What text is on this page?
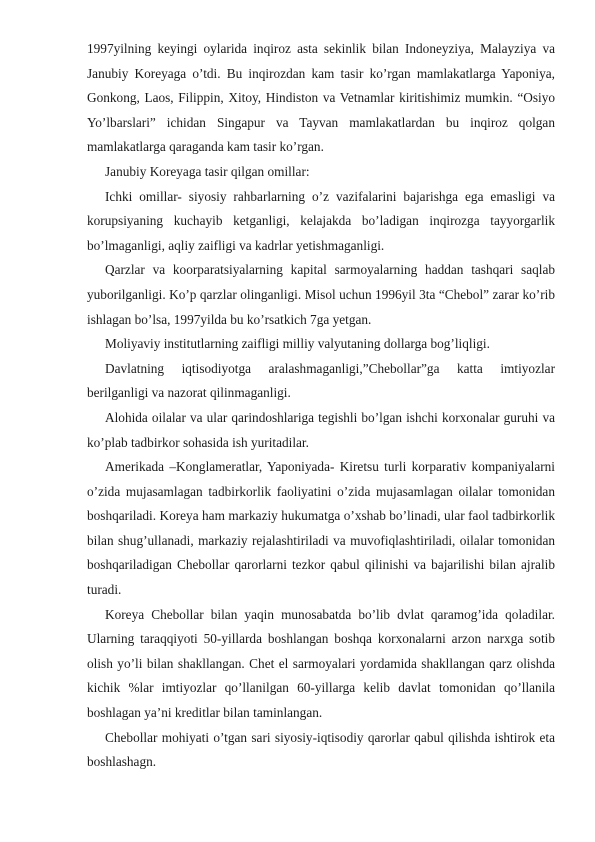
1997yilning keyingi oylarida inqiroz asta sekinlik bilan Indoneyziya, Malayziya va Janubiy Koreyaga o’tdi. Bu inqirozdan kam tasir ko’rgan mamlakatlarga Yaponiya, Gonkong, Laos, Filippin, Xitoy, Hindiston va Vetnamlar kiritishimiz mumkin. “Osiyo Yo’lbarslari” ichidan Singapur va Tayvan mamlakatlardan bu inqiroz qolgan mamlakatlarga qaraganda kam tasir ko’rgan.

Janubiy Koreyaga tasir qilgan omillar:

Ichki omillar- siyosiy rahbarlarning o’z vazifalarini bajarishga ega emasligi va korupsiyaning kuchayib ketganligi, kelajakda bo’ladigan inqirozga tayyorgarlik bo’lmaganligi, aqliy zaifligi va kadrlar yetishmaganligi.

Qarzlar va koorparatsiyalarning kapital sarmoyalarning haddan tashqari saqlab yuborilganligi. Ko’p qarzlar olinganligi. Misol uchun 1996yil 3ta “Chebol” zarar ko’rib ishlagan bo’lsa, 1997yilda bu ko’rsatkich 7ga yetgan.

Moliyaviy institutlarning zaifligi milliy valyutaning dollarga bog’liqligi.

Davlatning iqtisodiyotga aralashmaganligi,”Chebollar”ga katta imtiyozlar berilganligi va nazorat qilinmaganligi.

Alohida oilalar va ular qarindoshlariga tegishli bo’lgan ishchi korxonalar guruhi va ko’plab tadbirkor sohasida ish yuritadilar.

Amerikada –Konglameratlar, Yaponiyada- Kiretsu turli korparativ kompaniyalarni o’zida mujasamlagan tadbirkorlik faoliyatini o’zida mujasamlagan oilalar tomonidan boshqariladi. Koreya ham markaziy hukumatga o’xshab bo’linadi, ular faol tadbirkorlik bilan shug’ullanadi, markaziy rejalashtiriladi va muvofiqlashtiriladi, oilalar tomonidan boshqariladigan Chebollar qarorlarni tezkor qabul qilinishi va bajarilishi bilan ajralib turadi.

Koreya Chebollar bilan yaqin munosabatda bo’lib dvlat qaramog’ida qoladilar. Ularning taraqqiyoti 50-yillarda boshlangan boshqa korxonalarni arzon narxga sotib olish yo’li bilan shakllangan. Chet el sarmoyalari yordamida shakllangan qarz olishda kichik %lar imtiyozlar qo’llanilgan 60-yillarga kelib davlat tomonidan qo’llanila boshlagan ya’ni kreditlar bilan taminlangan.

Chebollar mohiyati o’tgan sari siyosiy-iqtisodiy qarorlar qabul qilishda ishtirok eta boshlashagn.
